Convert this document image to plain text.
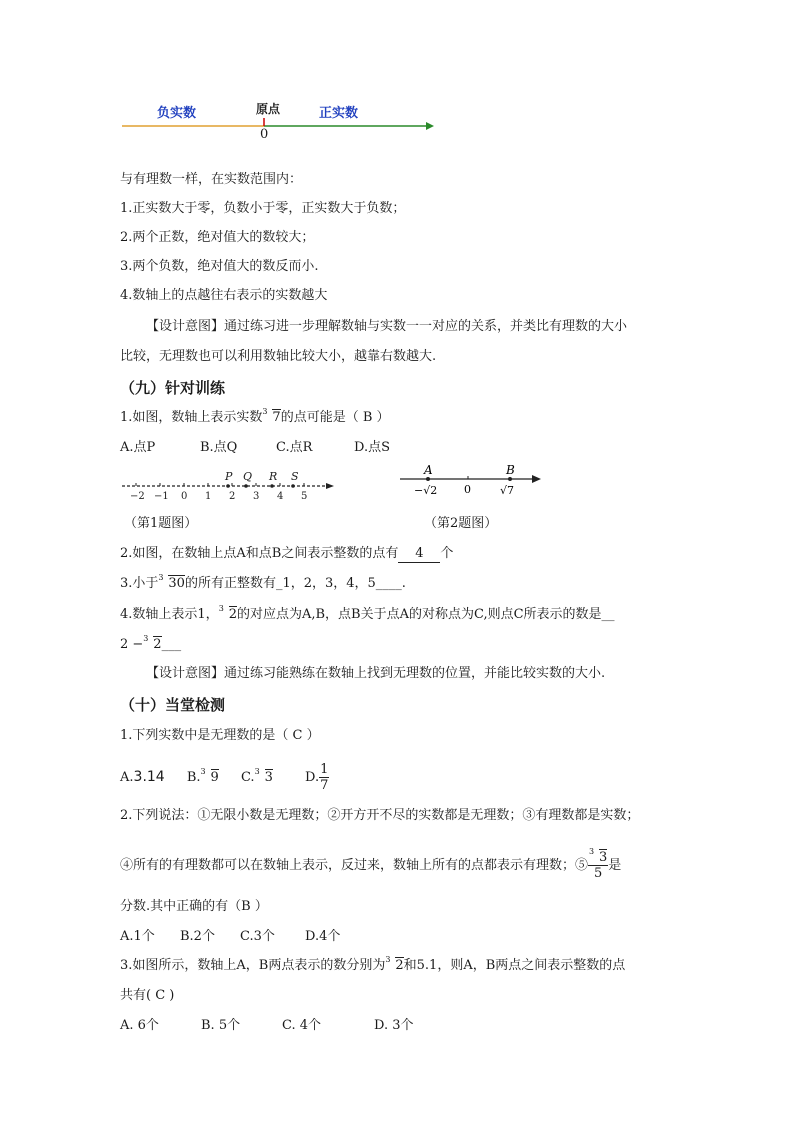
负实数	原点	正实数
0
与有理数一样，在实数范围内：
1.正实数大于零，负数小于零，正实数大于负数；
2.两个正数，绝对值大的数较大；
3.两个负数，绝对值大的数反而小.
4.数轴上的点越往右表示的实数越大
【设计意图】通过练习进一步理解数轴与实数一一对应的关系，并类比有理数的大小
比较，无理数也可以利用数轴比较大小，越靠右数越大.
（九）针对训练
1.如图，数轴上表示实数 3 7的点可能是（ B ）
A.点P	B.点Q	C.点R	D.点S
−2 −1 0 1 2 3 4 5
P Q R S	A	B
−√2 0	√7
（第1题图）	（第2题图）
2.如图，在数轴上点A和点B之间表示整数的点有 4 个
3.小于 3 30的所有正整数有_1，2，3，4，5____.
4.数轴上表示1， 3 2的对应点为A,B，点B关于点A的对称点为C,则点C所表示的数是__
2 − 3 2___
【设计意图】通过练习能熟练在数轴上找到无理数的位置，并能比较实数的大小.
（十）当堂检测
1.下列实数中是无理数的是（ C ）
A.3.14 B. 3 9 C. 3 3 D. $\frac{1}{7}$
2.下列说法：①无限小数是无理数；②开方开不尽的实数都是无理数；③有理数都是实数；
④所有的有理数都可以在数轴上表示，反过来，数轴上所有的点都表示有理数；⑤ $\frac{3 3}{5}$ 是
分数.其中正确的有（B ）
A.1个 B.2个 C.3个 D.4个
3.如图所示，数轴上A，B两点表示的数分别为 3 2和5.1，则A，B两点之间表示整数的点
共有( C )
A. 6个	B. 5个	C. 4个	D. 3个
